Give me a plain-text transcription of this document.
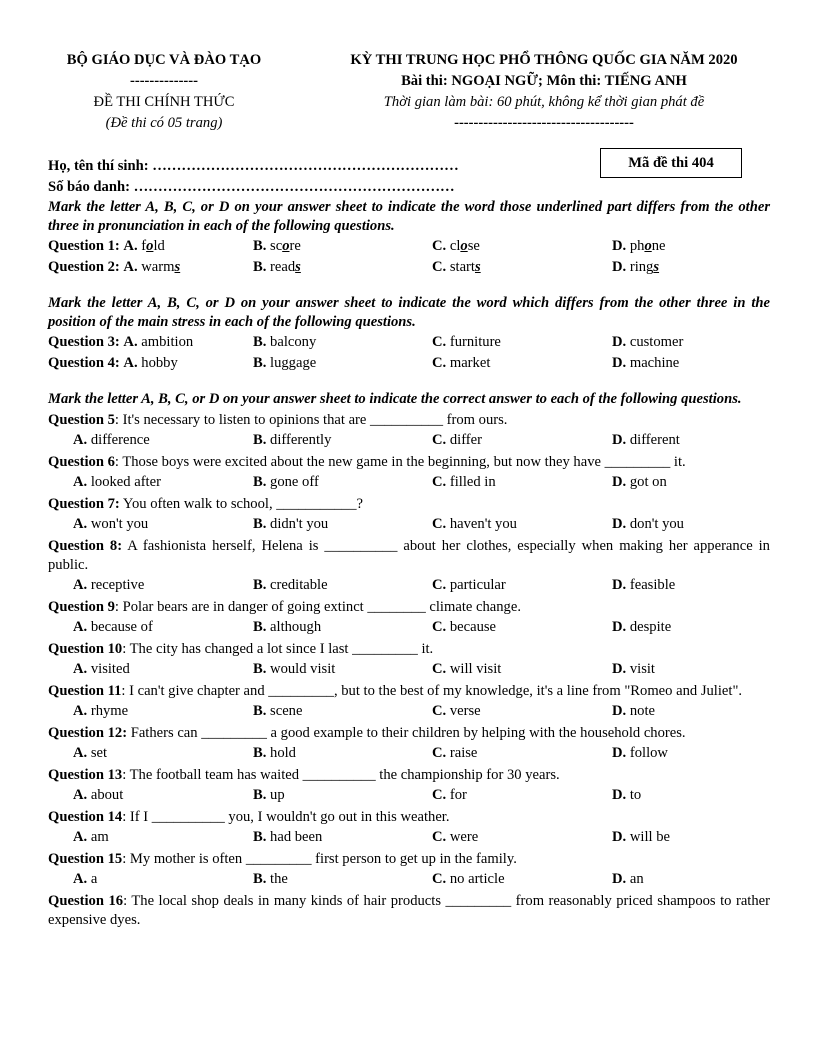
BỘ GIÁO DỤC VÀ ĐÀO TẠO
--------------
ĐỀ THI CHÍNH THỨC
(Đề thi có 05 trang)
KỲ THI TRUNG HỌC PHỔ THÔNG QUỐC GIA NĂM 2020
Bài thi: NGOẠI NGỮ; Môn thi: TIẾNG ANH
Thời gian làm bài: 60 phút, không kể thời gian phát đề
-------------------------------------
Họ, tên thí sinh: ………………………………………………………
Số báo danh: …………………………………………………………
Mã đề thi 404
Mark the letter A, B, C, or D on your answer sheet to indicate the word those underlined part differs from the other three in pronunciation in each of the following questions.
Question 1: A. fold	B. score	C. close	D. phone
Question 2: A. warms	B. reads	C. starts	D. rings
Mark the letter A, B, C, or D on your answer sheet to indicate the word which differs from the other three in the position of the main stress in each of the following questions.
Question 3: A. ambition	B. balcony	C. furniture	D. customer
Question 4: A. hobby	B. luggage	C. market	D. machine
Mark the letter A, B, C, or D on your answer sheet to indicate the correct answer to each of the following questions.
Question 5: It's necessary to listen to opinions that are __________ from ours.
A. difference	B. differently	C. differ	D. different
Question 6: Those boys were excited about the new game in the beginning, but now they have _________ it.
A. looked after	B. gone off	C. filled in	D. got on
Question 7: You often walk to school, ___________?
A. won't you	B. didn't you	C. haven't you	D. don't you
Question 8: A fashionista herself, Helena is __________ about her clothes, especially when making her apperance in public.
A. receptive	B. creditable	C. particular	D. feasible
Question 9: Polar bears are in danger of going extinct ________ climate change.
A. because of	B. although	C. because	D. despite
Question 10: The city has changed a lot since I last _________ it.
A. visited	B. would visit	C. will visit	D. visit
Question 11: I can't give chapter and _________, but to the best of my knowledge, it's a line from "Romeo and Juliet".
A. rhyme	B. scene	C. verse	D. note
Question 12: Fathers can _________ a good example to their children by helping with the household chores.
A. set	B. hold	C. raise	D. follow
Question 13: The football team has waited __________ the championship for 30 years.
A. about	B. up	C. for	D. to
Question 14: If I __________ you, I wouldn't go out in this weather.
A. am	B. had been	C. were	D. will be
Question 15: My mother is often _________ first person to get up in the family.
A. a	B. the	C. no article	D. an
Question 16: The local shop deals in many kinds of hair products _________ from reasonably priced shampoos to rather expensive dyes.
